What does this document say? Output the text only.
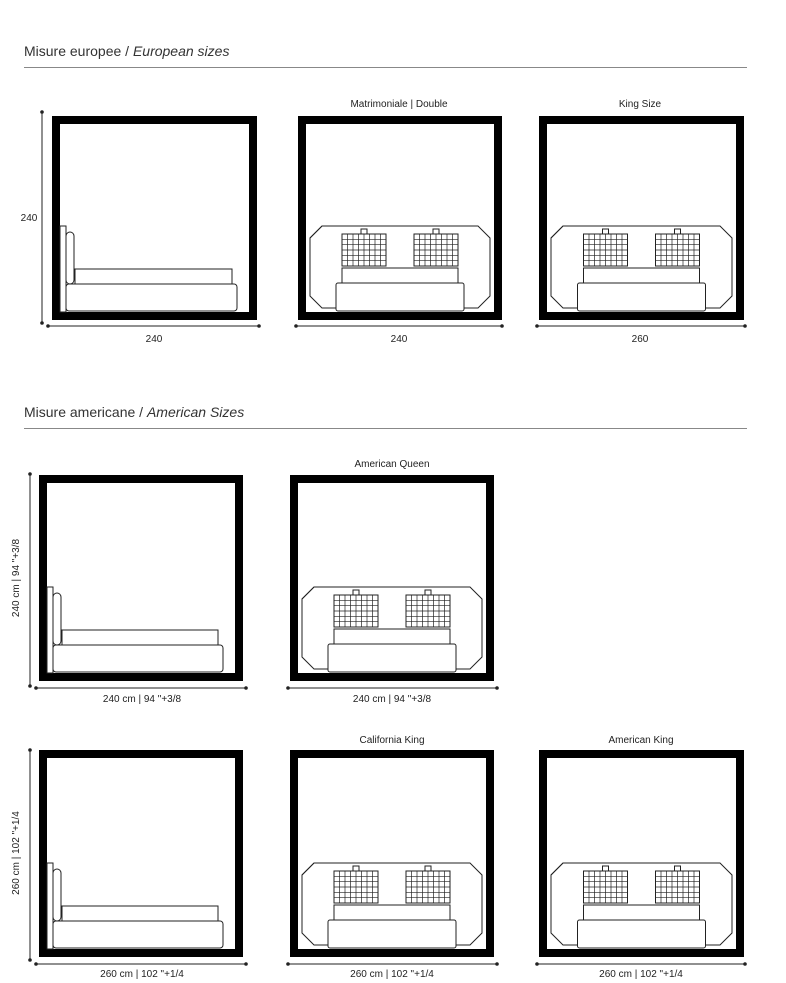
Misure europee / European sizes
Misure americane / American Sizes
240
240
Matrimoniale | Double
240
King Size
260
240 cm | 94 "+3/8
240 cm | 94 "+3/8
American Queen
240 cm | 94 "+3/8
260 cm | 102 "+1/4
260 cm | 102 "+1/4
California King
260 cm | 102 "+1/4
American King
260 cm | 102 "+1/4
